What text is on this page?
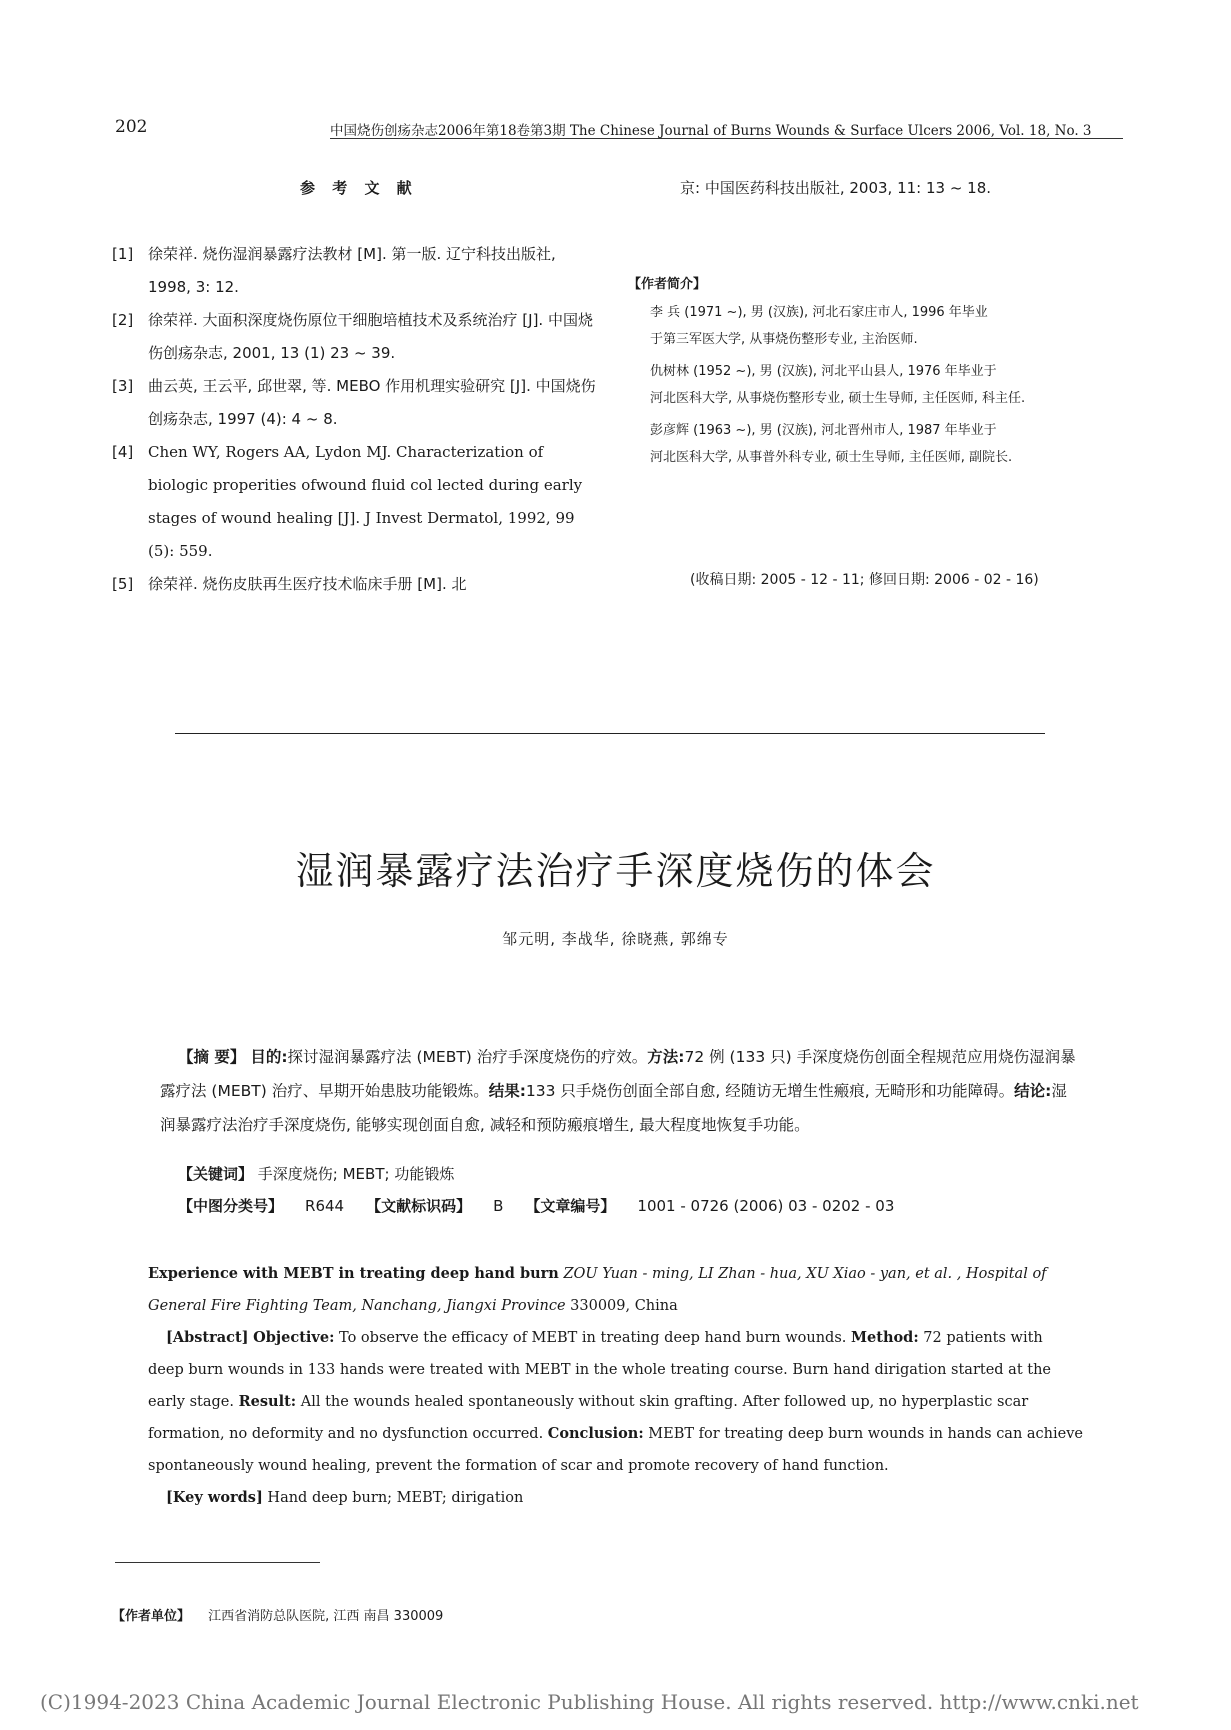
202	中国烧伤创疡杂志2006年第18卷第3期 The Chinese Journal of Burns Wounds & Surface Ulcers 2006, Vol. 18, No. 3
参 考 文 献
[1] 徐荣祥. 烧伤湿润暴露疗法教材 [M]. 第一版. 辽宁科技出版社, 1998, 3: 12.
[2] 徐荣祥. 大面积深度烧伤原位干细胞培植技术及系统治疗 [J]. 中国烧伤创疡杂志, 2001, 13 (1) 23 ~ 39.
[3] 曲云英, 王云平, 邱世翠, 等. MEBO 作用机理实验研究 [J]. 中国烧伤创疡杂志, 1997 (4): 4 ~ 8.
[4] Chen WY, Rogers AA, Lydon MJ. Characterization of biologic properities ofwound fluid col lected during early stages of wound healing [J]. J Invest Dermatol, 1992, 99 (5): 559.
[5] 徐荣祥. 烧伤皮肤再生医疗技术临床手册 [M]. 北
京: 中国医药科技出版社, 2003, 11: 13 ~ 18.
【作者简介】
李 兵 (1971 ~), 男 (汉族), 河北石家庄市人, 1996 年毕业
于第三军医大学, 从事烧伤整形专业, 主治医师.
仇树林 (1952 ~), 男 (汉族), 河北平山县人, 1976 年毕业于
河北医科大学, 从事烧伤整形专业, 硕士生导师, 主任医师, 科主任.
彭彦辉 (1963 ~), 男 (汉族), 河北晋州市人, 1987 年毕业于
河北医科大学, 从事普外科专业, 硕士生导师, 主任医师, 副院长.
(收稿日期: 2005 - 12 - 11; 修回日期: 2006 - 02 - 16)
湿润暴露疗法治疗手深度烧伤的体会
邹元明, 李战华, 徐晓燕, 郭绵专
【摘 要】 目的:探讨湿润暴露疗法 (MEBT) 治疗手深度烧伤的疗效。方法:72 例 (133 只) 手深度烧伤创面全程规范应用烧伤湿润暴露疗法 (MEBT) 治疗、早期开始患肢功能锻炼。结果:133 只手烧伤创面全部自愈, 经随访无增生性瘢痕, 无畸形和功能障碍。结论:湿润暴露疗法治疗手深度烧伤, 能够实现创面自愈, 减轻和预防瘢痕增生, 最大程度地恢复手功能。
【关键词】 手深度烧伤; MEBT; 功能锻炼
【中图分类号】 R644 【文献标识码】 B 【文章编号】 1001 - 0726 (2006) 03 - 0202 - 03
Experience with MEBT in treating deep hand burn ZOU Yuan - ming, LI Zhan - hua, XU Xiao - yan, et al. , Hospital of General Fire Fighting Team, Nanchang, Jiangxi Province 330009, China
[Abstract] Objective: To observe the efficacy of MEBT in treating deep hand burn wounds. Method: 72 patients with deep burn wounds in 133 hands were treated with MEBT in the whole treating course. Burn hand dirigation started at the early stage. Result: All the wounds healed spontaneously without skin grafting. After followed up, no hyperplastic scar formation, no deformity and no dysfunction occurred. Conclusion: MEBT for treating deep burn wounds in hands can achieve spontaneously wound healing, prevent the formation of scar and promote recovery of hand function.
[Key words] Hand deep burn; MEBT; dirigation
【作者单位】 江西省消防总队医院, 江西 南昌 330009
(C)1994-2023 China Academic Journal Electronic Publishing House. All rights reserved. http://www.cnki.net
